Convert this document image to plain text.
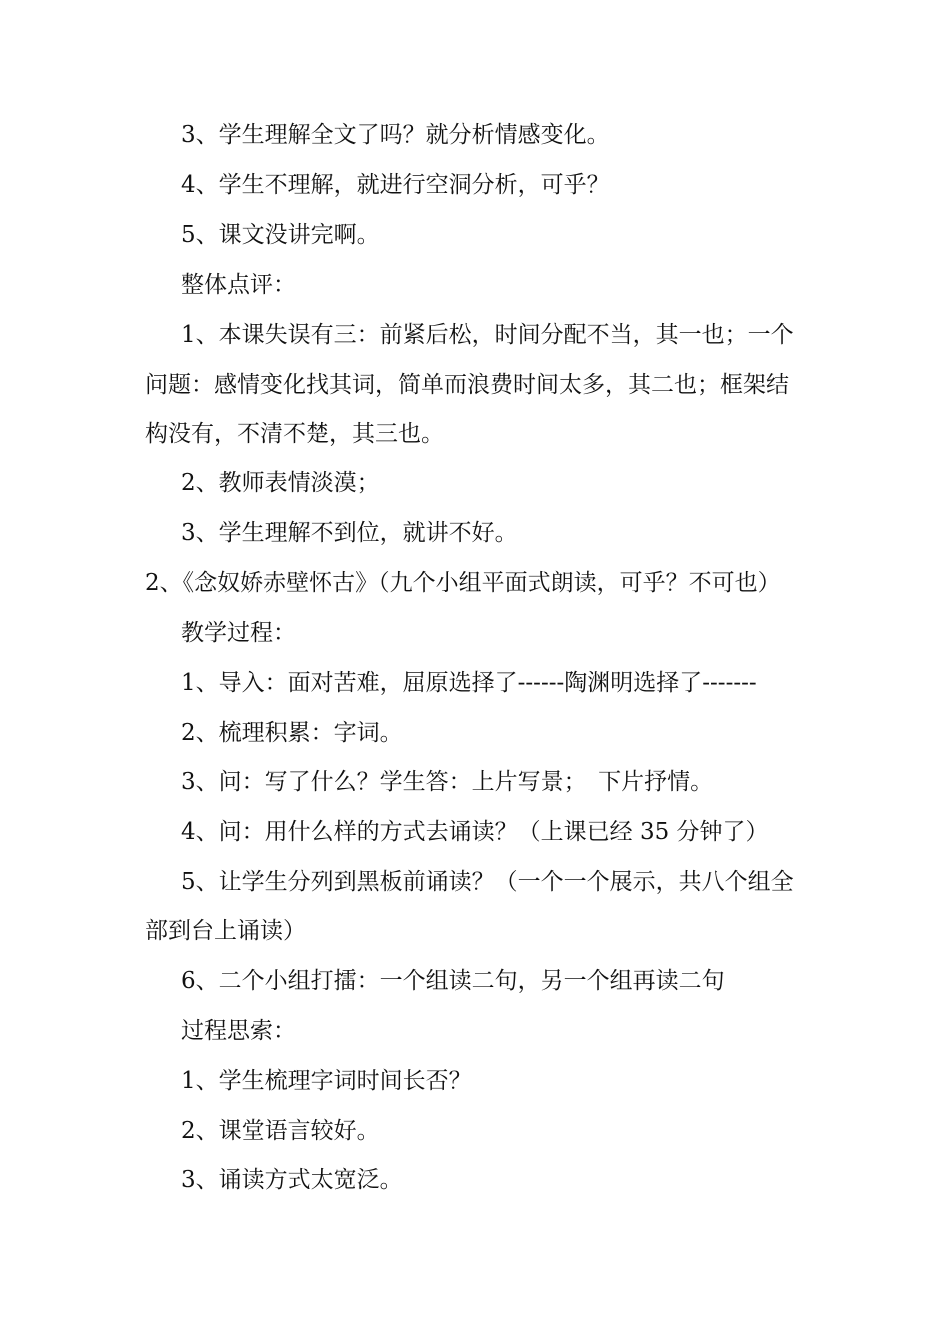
3、学生理解全文了吗？就分析情感变化。
4、学生不理解，就进行空洞分析，可乎？
5、课文没讲完啊。
整体点评：
1、本课失误有三：前紧后松，时间分配不当，其一也；一个
问题：感情变化找其词，简单而浪费时间太多，其二也；框架结
构没有，不清不楚，其三也。
2、教师表情淡漠；
3、学生理解不到位，就讲不好。
2、《念奴娇赤壁怀古》（九个小组平面式朗读，可乎？不可也）
教学过程：
1、导入：面对苦难，屈原选择了------陶渊明选择了-------
2、梳理积累：字词。
3、问：写了什么？学生答：上片写景；　下片抒情。
4、问：用什么样的方式去诵读？（上课已经 35 分钟了）
5、让学生分列到黑板前诵读？（一个一个展示，共八个组全
部到台上诵读）
6、二个小组打擂：一个组读二句，另一个组再读二句
过程思索：
1、学生梳理字词时间长否？
2、课堂语言较好。
3、诵读方式太宽泛。
